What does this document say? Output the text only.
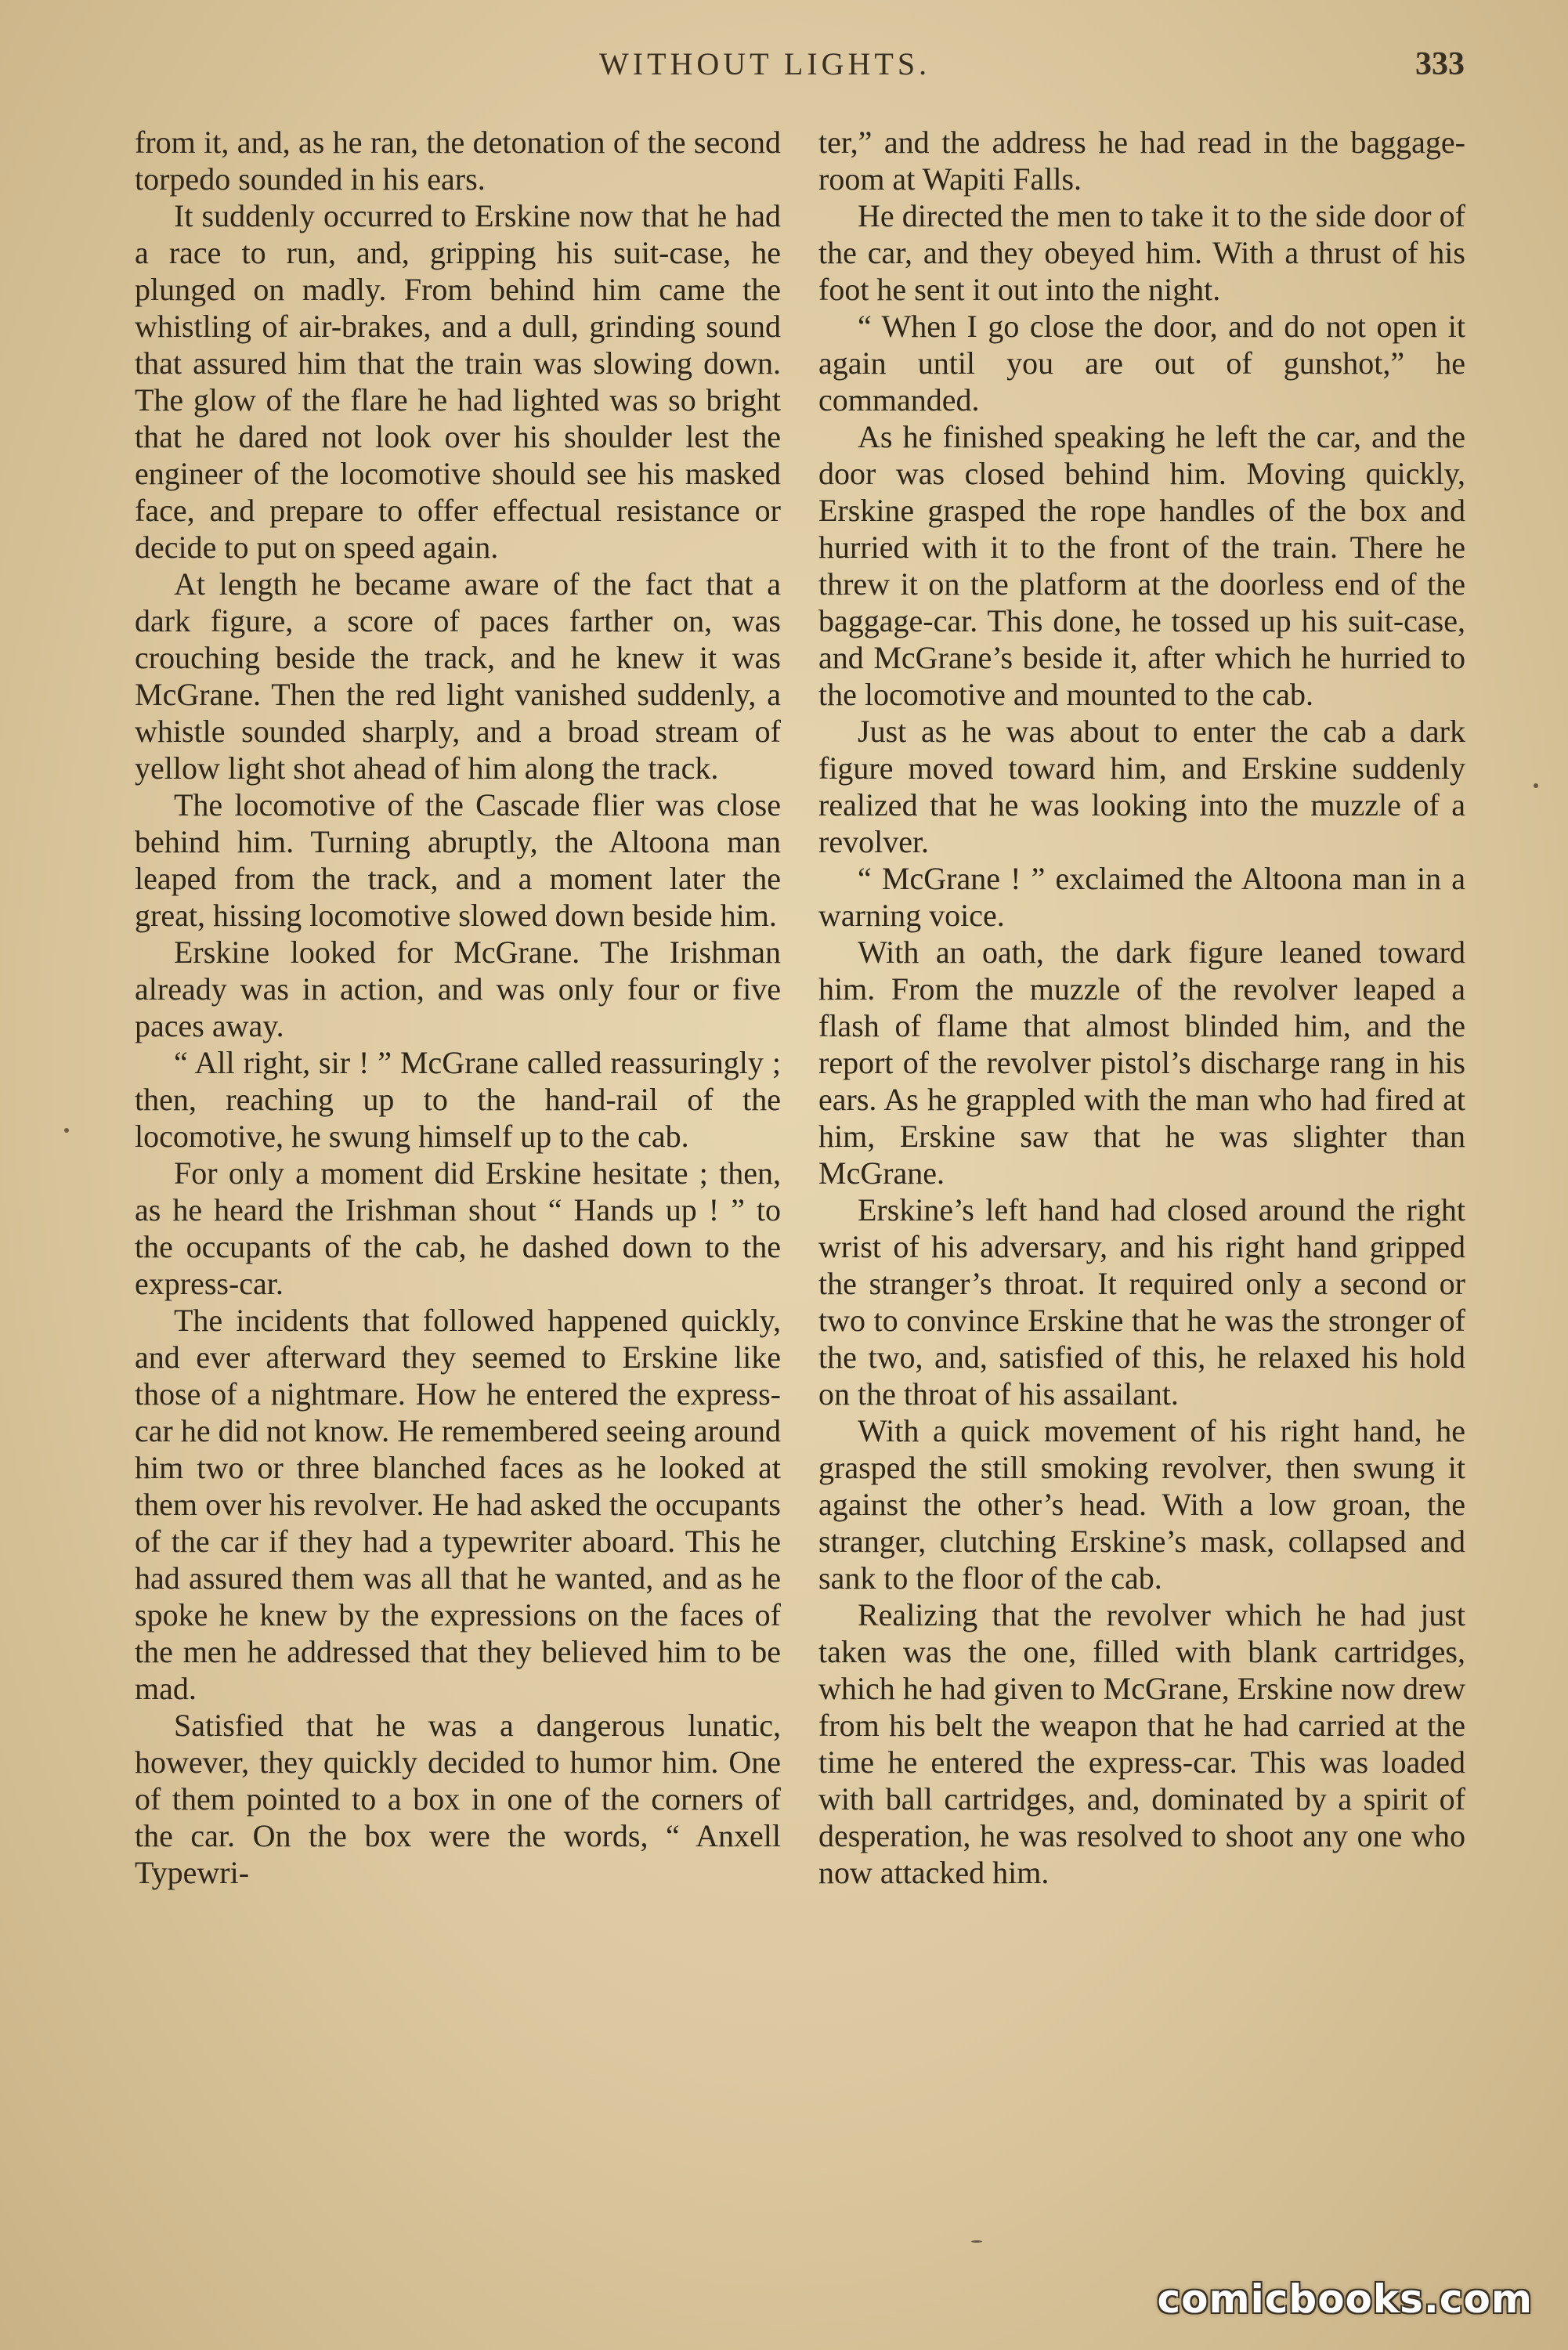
WITHOUT LIGHTS.	333

from it, and, as he ran, the detonation of the second torpedo sounded in his ears.

It suddenly occurred to Erskine now that he had a race to run, and, gripping his suit-case, he plunged on madly. From behind him came the whistling of air-brakes, and a dull, grinding sound that assured him that the train was slowing down. The glow of the flare he had lighted was so bright that he dared not look over his shoulder lest the engineer of the locomotive should see his masked face, and prepare to offer effectual resistance or decide to put on speed again.

At length he became aware of the fact that a dark figure, a score of paces farther on, was crouching beside the track, and he knew it was McGrane. Then the red light vanished suddenly, a whistle sounded sharply, and a broad stream of yellow light shot ahead of him along the track.

The locomotive of the Cascade flier was close behind him. Turning abruptly, the Altoona man leaped from the track, and a moment later the great, hissing locomotive slowed down beside him.

Erskine looked for McGrane. The Irishman already was in action, and was only four or five paces away.

“ All right, sir ! ” McGrane called reassuringly ; then, reaching up to the hand-rail of the locomotive, he swung himself up to the cab.

For only a moment did Erskine hesitate ; then, as he heard the Irishman shout “ Hands up ! ” to the occupants of the cab, he dashed down to the express-car.

The incidents that followed happened quickly, and ever afterward they seemed to Erskine like those of a nightmare. How he entered the express-car he did not know. He remembered seeing around him two or three blanched faces as he looked at them over his revolver. He had asked the occupants of the car if they had a typewriter aboard. This he had assured them was all that he wanted, and as he spoke he knew by the expressions on the faces of the men he addressed that they believed him to be mad.

Satisfied that he was a dangerous lunatic, however, they quickly decided to humor him. One of them pointed to a box in one of the corners of the car. On the box were the words, “ Anxell Typewri-

ter,” and the address he had read in the baggage-room at Wapiti Falls.

He directed the men to take it to the side door of the car, and they obeyed him. With a thrust of his foot he sent it out into the night.

“ When I go close the door, and do not open it again until you are out of gunshot,” he commanded.

As he finished speaking he left the car, and the door was closed behind him. Moving quickly, Erskine grasped the rope handles of the box and hurried with it to the front of the train. There he threw it on the platform at the doorless end of the baggage-car. This done, he tossed up his suit-case, and McGrane’s beside it, after which he hurried to the locomotive and mounted to the cab.

Just as he was about to enter the cab a dark figure moved toward him, and Erskine suddenly realized that he was looking into the muzzle of a revolver.

“ McGrane ! ” exclaimed the Altoona man in a warning voice.

With an oath, the dark figure leaned toward him. From the muzzle of the revolver leaped a flash of flame that almost blinded him, and the report of the revolver pistol’s discharge rang in his ears. As he grappled with the man who had fired at him, Erskine saw that he was slighter than McGrane.

Erskine’s left hand had closed around the right wrist of his adversary, and his right hand gripped the stranger’s throat. It required only a second or two to convince Erskine that he was the stronger of the two, and, satisfied of this, he relaxed his hold on the throat of his assailant.

With a quick movement of his right hand, he grasped the still smoking revolver, then swung it against the other’s head. With a low groan, the stranger, clutching Erskine’s mask, collapsed and sank to the floor of the cab.

Realizing that the revolver which he had just taken was the one, filled with blank cartridges, which he had given to McGrane, Erskine now drew from his belt the weapon that he had carried at the time he entered the express-car. This was loaded with ball cartridges, and, dominated by a spirit of desperation, he was resolved to shoot any one who now attacked him.

comicbooks.com
